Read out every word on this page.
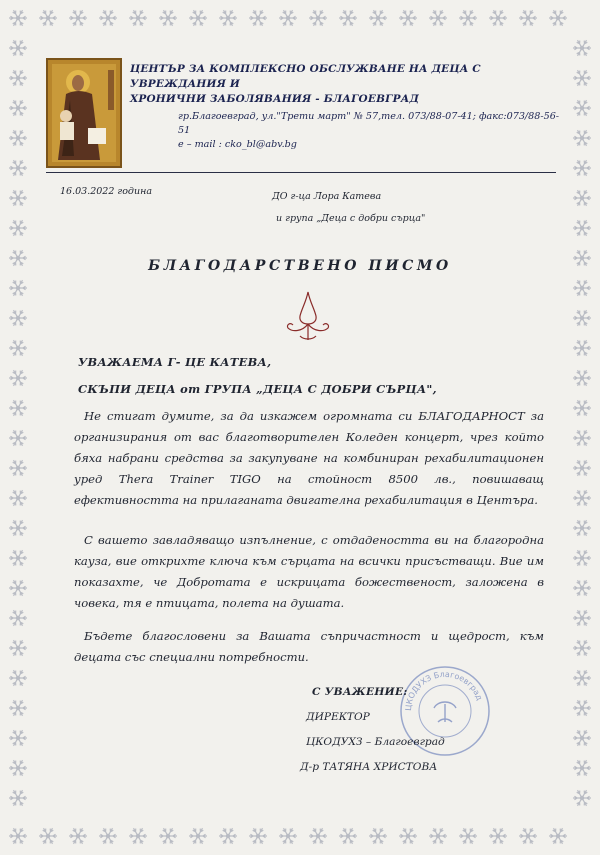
ЦЕНТЪР ЗА КОМПЛЕКСНО ОБСЛУЖВАНЕ НА ДЕЦА С УВРЕЖДАНИЯ И
ХРОНИЧНИ ЗАБОЛЯВАНИЯ - БЛАГОЕВГРАД
гр.Благоевград, ул."Трети март" № 57,тел. 073/88-07-41; факс:073/88-56-51
e – mail : cko_bl@abv.bg
16.03.2022 година	ДО г-ца Лора Катева
и група „Деца с добри сърца"
БЛАГОДАРСТВЕНО ПИСМО
УВАЖАЕМА Г- ЦЕ КАТЕВА,
СКЪПИ ДЕЦА от ГРУПА „ДЕЦА С ДОБРИ СЪРЦА",
Не стигат думите, за да изкажем огромната си БЛАГОДАРНОСТ за организирания от вас благотворителен Коледен концерт, чрез който бяха набрани средства за закупуване на комбиниран рехабилитационен уред Thera Trainer TIGO на стойност 8500 лв., повишаващ ефективността на прилаганата двигателна рехабилитация в Центъра.
С вашето завладяващо изпълнение, с отдадеността ви на благородна кауза, вие открихте ключа към сърцата на всички присъстващи. Вие им показахте, че Добротата е искрицата божественост, заложена в човека, тя е птицата, полета на душата.
Бъдете благословени за Вашата съпричастност и щедрост, към децата със специални потребности.
ЦКОДУХЗ Благоевград
С УВАЖЕНИЕ:
ДИРЕКТОР
ЦКОДУХЗ – Благоевград
Д-р ТАТЯНА ХРИСТОВА
